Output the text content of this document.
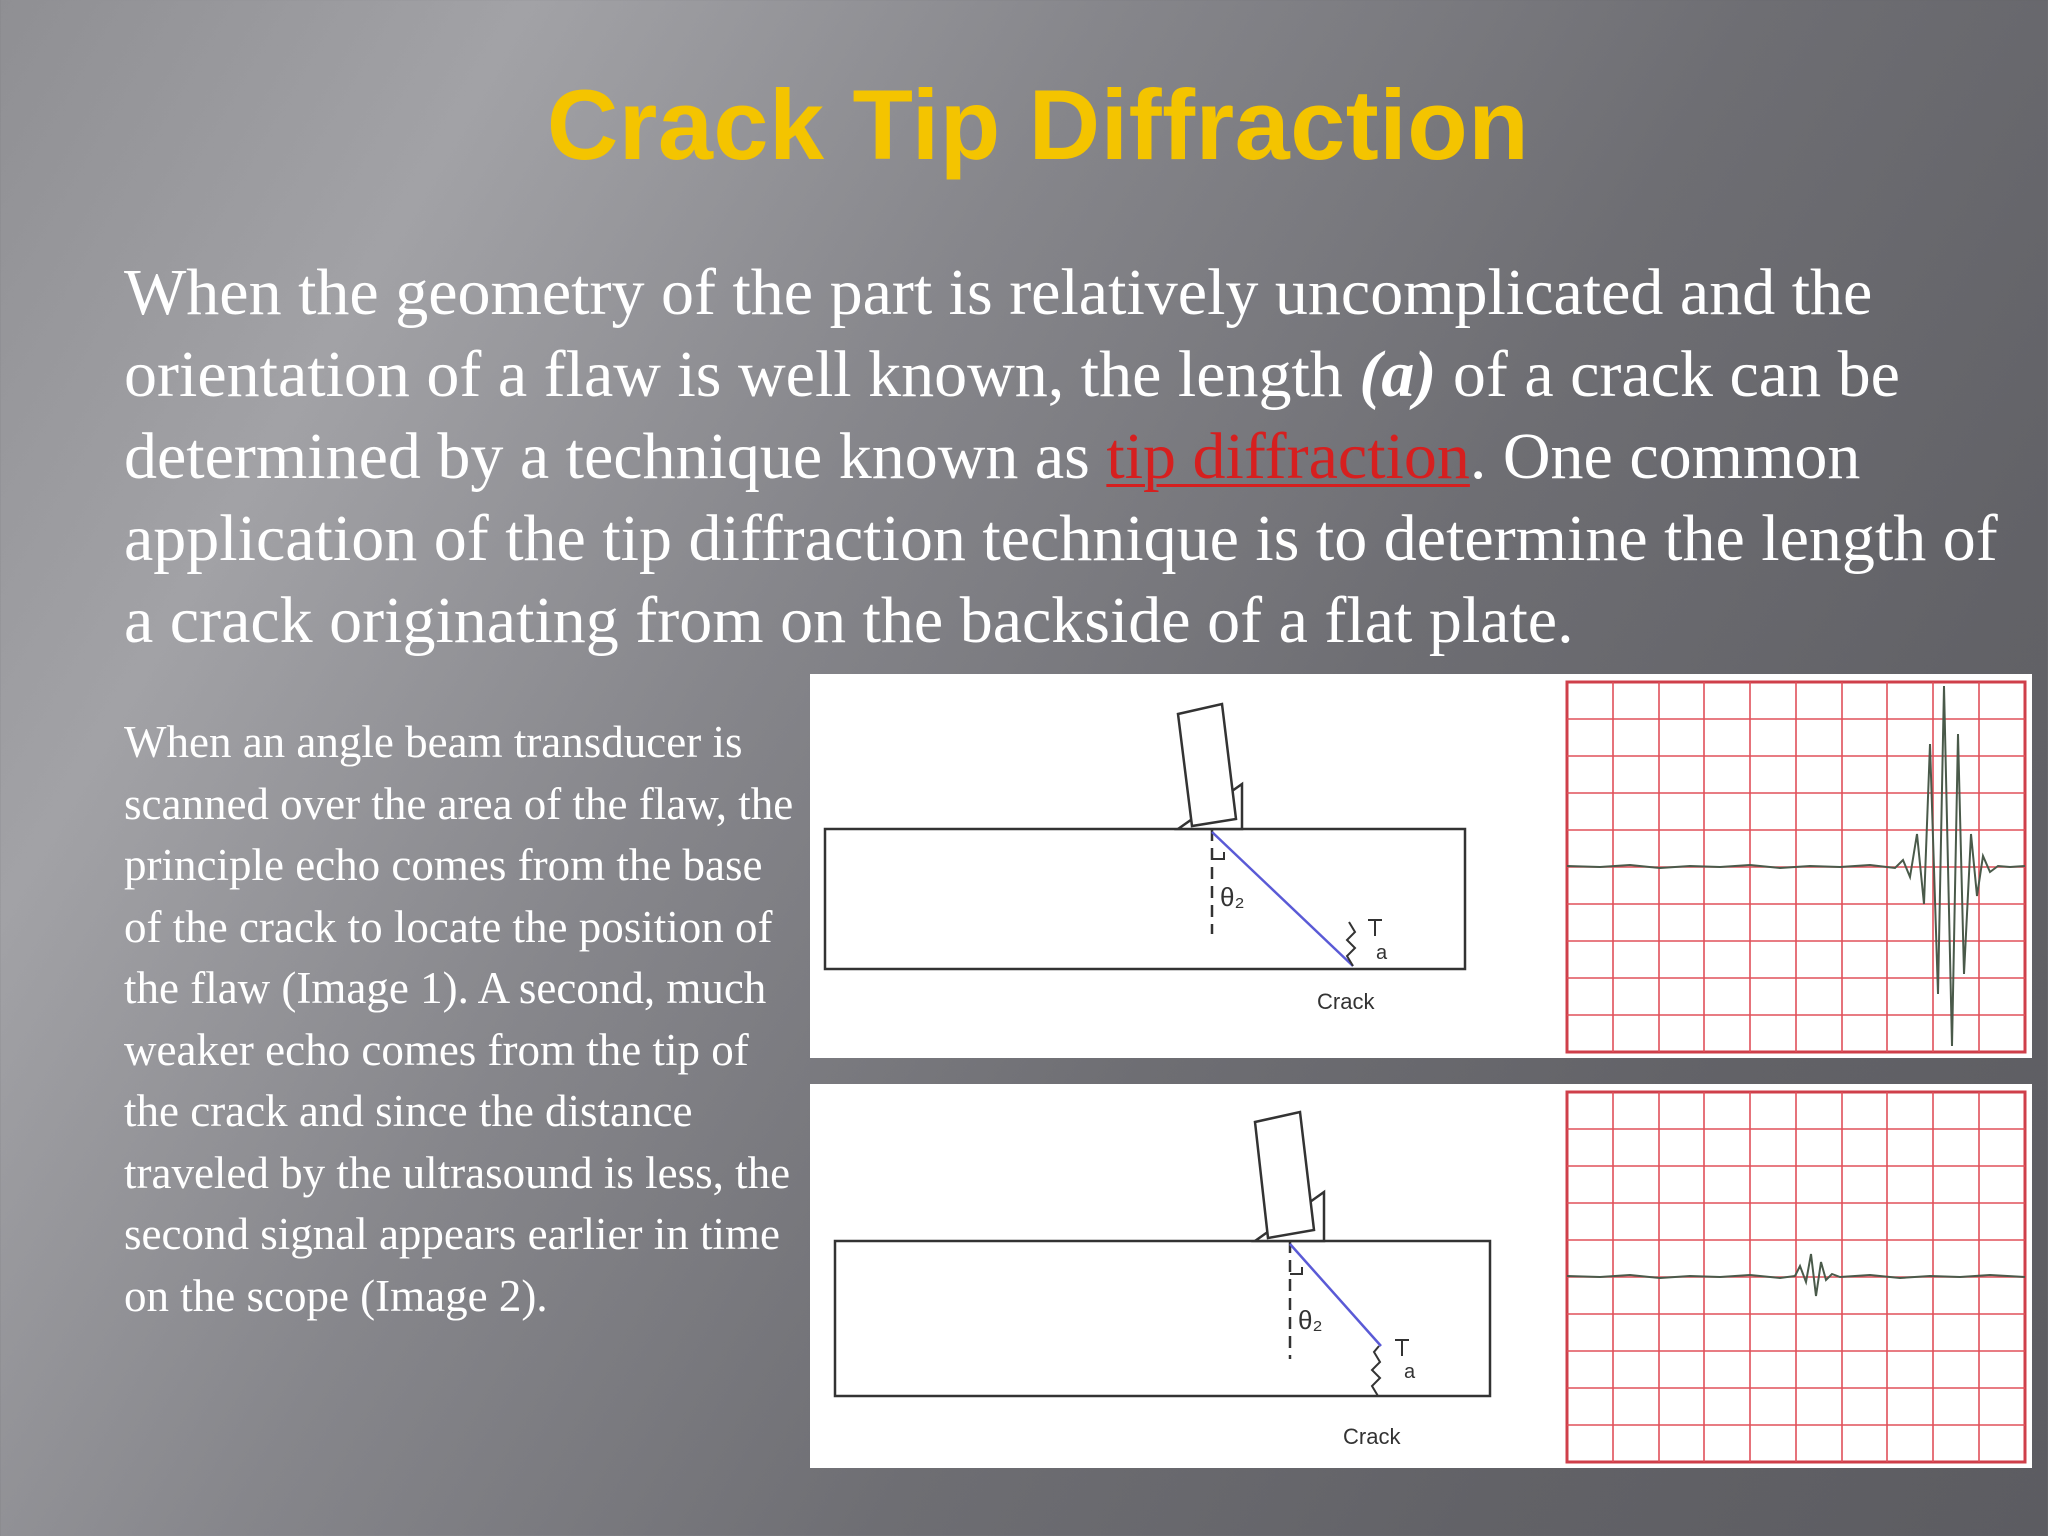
Crack Tip Diffraction
When the geometry of the part is relatively uncomplicated and the orientation of a flaw is well known, the length (a) of a crack can be determined by a technique known as tip diffraction. One common application of the tip diffraction technique is to determine the length of a crack originating from on the backside of a flat plate.
When an angle beam transducer is scanned over the area of the flaw, the principle echo comes from the base of the crack to locate the position of the flaw (Image 1). A second, much weaker echo comes from the tip of the crack and since the distance traveled by the ultrasound is less, the second signal appears earlier in time on the scope (Image 2).
θ₂
a
Crack
θ₂
a
Crack
